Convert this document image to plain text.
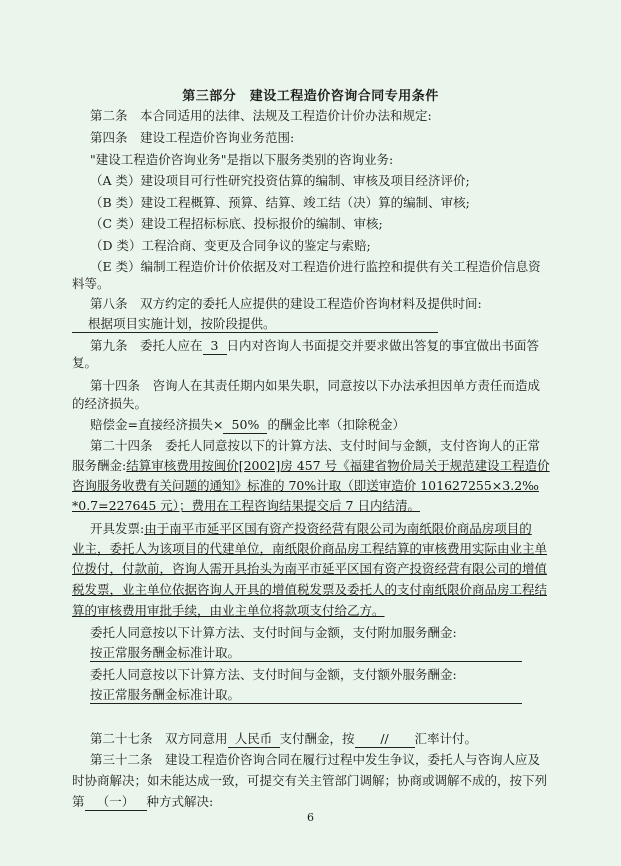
第三部分　建设工程造价咨询合同专用条件
第二条　本合同适用的法律、法规及工程造价计价办法和规定:
第四条　建设工程造价咨询业务范围:
"建设工程造价咨询业务"是指以下服务类别的咨询业务:
（A 类）建设项目可行性研究投资估算的编制、审核及项目经济评价;
（B 类）建设工程概算、预算、结算、竣工结（决）算的编制、审核;
（C 类）建设工程招标标底、投标报价的编制、审核;
（D 类）工程洽商、变更及合同争议的鉴定与索赔;
（E 类）编制工程造价计价依据及对工程造价进行监控和提供有关工程造价信息资
料等。
第八条　双方约定的委托人应提供的建设工程造价咨询材料及提供时间:
根据项目实施计划，按阶段提供。
第九条　委托人应在 3 日内对咨询人书面提交并要求做出答复的事宜做出书面答
复。
第十四条　咨询人在其责任期内如果失职，同意按以下办法承担因单方责任而造成
的经济损失。
赔偿金=直接经济损失× 50% 的酬金比率（扣除税金）
第二十四条　委托人同意按以下的计算方法、支付时间与金额，支付咨询人的正常
服务酬金:结算审核费用按闽价[2002]房 457 号《福建省物价局关于规范建设工程造价
咨询服务收费有关问题的通知》标准的 70%计取（即送审造价 101627255×3.2‰
*0.7=227645 元）；费用在工程咨询结果提交后 7 日内结清。
开具发票:由于南平市延平区国有资产投资经营有限公司为南纸限价商品房项目的
业主，委托人为该项目的代建单位，南纸限价商品房工程结算的审核费用实际由业主单
位拨付，付款前，咨询人需开具抬头为南平市延平区国有资产投资经营有限公司的增值
税发票，业主单位依据咨询人开具的增值税发票及委托人的支付南纸限价商品房工程结
算的审核费用审批手续，由业主单位将款项支付给乙方。
委托人同意按以下计算方法、支付时间与金额，支付附加服务酬金:
按正常服务酬金标准计取。
委托人同意按以下计算方法、支付时间与金额，支付额外服务酬金:
按正常服务酬金标准计取。
第二十七条　双方同意用 人民币 支付酬金，按 // 汇率计付。
第三十二条　建设工程造价咨询合同在履行过程中发生争议，委托人与咨询人应及
时协商解决；如未能达成一致，可提交有关主管部门调解；协商或调解不成的，按下列
第 （一） 种方式解决:
6
